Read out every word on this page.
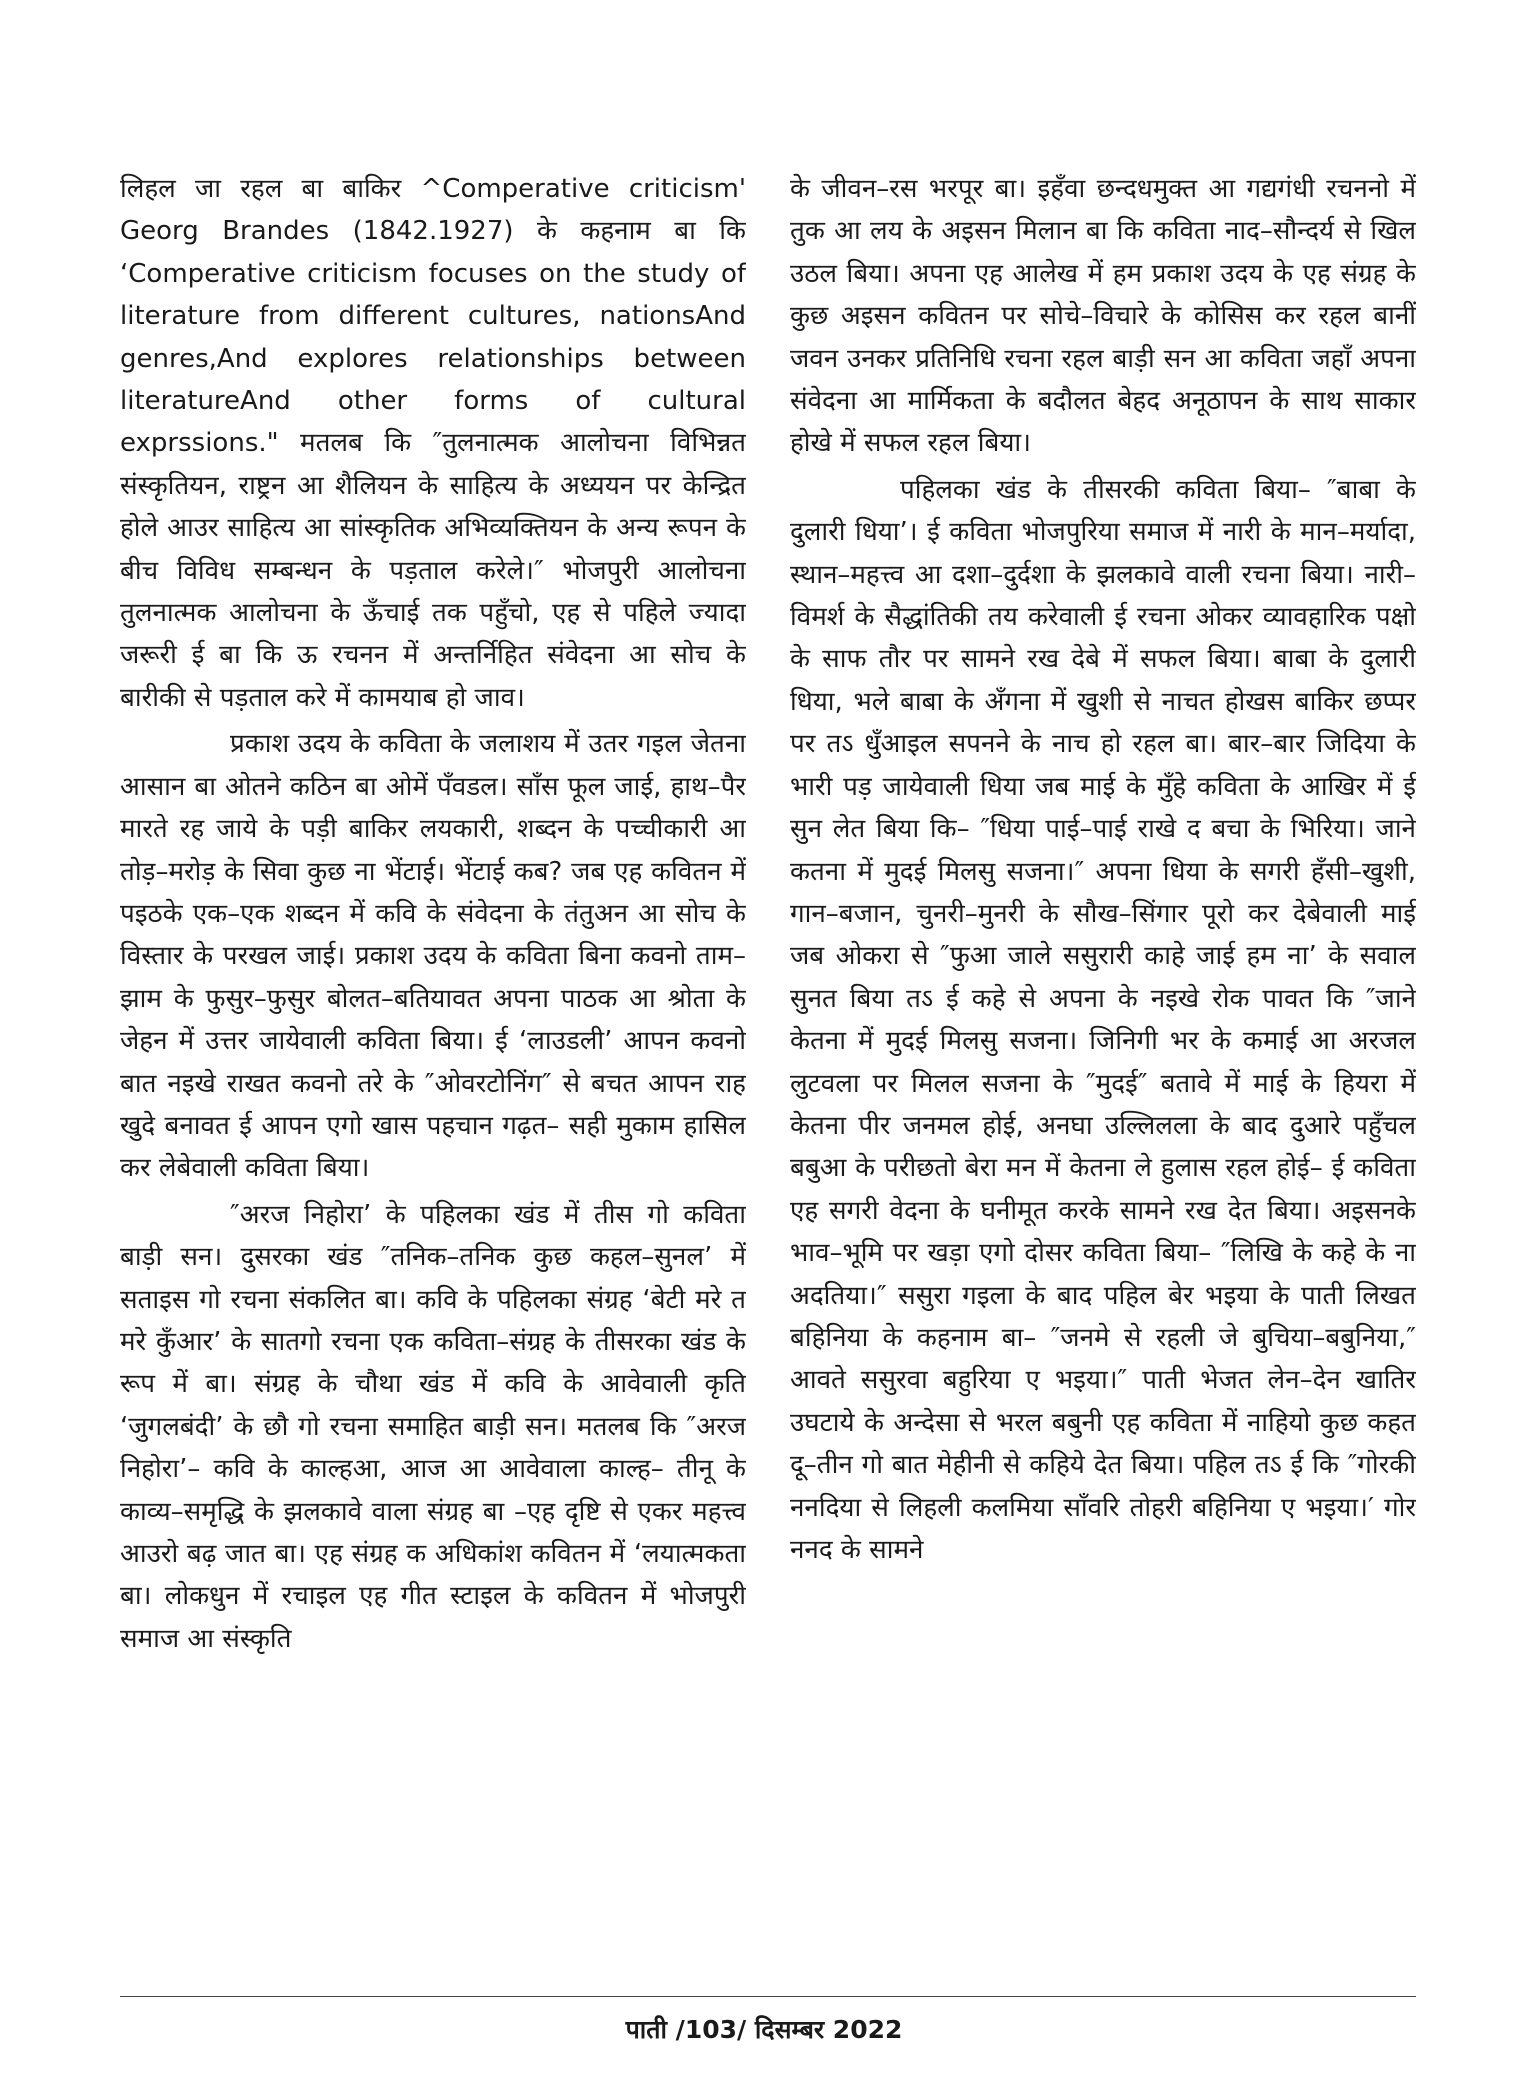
लिहल जा रहल बा बाकिर ^Comperative criticism' Georg Brandes (1842.1927) के कहनाम बा कि ‘Comperative criticism focuses on the study of literature from different cultures, nationsAnd genres,And explores relationships between literatureAnd other forms of cultural exprssions." मतलब कि ″तुलनात्मक आलोचना विभिन्नत संस्कृतियन, राष्ट्रन आ शैलियन के साहित्य के अध्ययन पर केन्द्रित होले आउर साहित्य आ सांस्कृतिक अभिव्यक्तियन के अन्य रूपन के बीच विविध सम्बन्धन के पड़ताल करेले।″ भोजपुरी आलोचना तुलनात्मक आलोचना के ऊँचाई तक पहुँचो, एह से पहिले ज्यादा जरूरी ई बा कि ऊ रचनन में अन्तर्निहित संवेदना आ सोच के बारीकी से पड़ताल करे में कामयाब हो जाव।

प्रकाश उदय के कविता के जलाशय में उतर गइल जेतना आसान बा ओतने कठिन बा ओमें पँवडल। साँस फूल जाई, हाथ–पैर मारते रह जाये के पड़ी बाकिर लयकारी, शब्दन के पच्चीकारी आ तोड़–मरोड़ के सिवा कुछ ना भेंटाई। भेंटाई कब? जब एह कवितन में पइठके एक–एक शब्दन में कवि के संवेदना के तंतुअन आ सोच के विस्तार के परखल जाई। प्रकाश उदय के कविता बिना कवनो ताम–झाम के फुसुर–फुसुर बोलत–बतियावत अपना पाठक आ श्रोता के जेहन में उत्तर जायेवाली कविता बिया। ई ‘लाउडली’ आपन कवनो बात नइखे राखत कवनो तरे के ″ओवरटोनिंग″ से बचत आपन राह खुदे बनावत ई आपन एगो खास पहचान गढ़त– सही मुकाम हासिल कर लेबेवाली कविता बिया।

″अरज निहोरा’ के पहिलका खंड में तीस गो कविता बाड़ी सन। दुसरका खंड ″तनिक–तनिक कुछ कहल–सुनल’ में सताइस गो रचना संकलित बा। कवि के पहिलका संग्रह ‘बेटी मरे त मरे कुँआर’ के सातगो रचना एक कविता–संग्रह के तीसरका खंड के रूप में बा। संग्रह के चौथा खंड में कवि के आवेवाली कृति ‘जुगलबंदी’ के छौ गो रचना समाहित बाड़ी सन। मतलब कि ″अरज निहोरा’– कवि के काल्हआ, आज आ आवेवाला काल्ह– तीनू के काव्य–समृद्धि के झलकावे वाला संग्रह बा –एह दृष्टि से एकर महत्त्व आउरो बढ़ जात बा। एह संग्रह क अधिकांश कवितन में ‘लयात्मकता बा। लोकधुन में रचाइल एह गीत स्टाइल के कवितन में भोजपुरी समाज आ संस्कृति

के जीवन–रस भरपूर बा। इहँवा छन्दधमुक्त आ गद्यगंधी रचननो में तुक आ लय के अइसन मिलान बा कि कविता नाद–सौन्दर्य से खिल उठल बिया। अपना एह आलेख में हम प्रकाश उदय के एह संग्रह के कुछ अइसन कवितन पर सोचे–विचारे के कोसिस कर रहल बानीं जवन उनकर प्रतिनिधि रचना रहल बाड़ी सन आ कविता जहाँ अपना संवेदना आ मार्मिकता के बदौलत बेहद अनूठापन के साथ साकार होखे में सफल रहल बिया।

पहिलका खंड के तीसरकी कविता बिया– ″बाबा के दुलारी धिया’। ई कविता भोजपुरिया समाज में नारी के मान–मर्यादा, स्थान–महत्त्व आ दशा–दुर्दशा के झलकावे वाली रचना बिया। नारी–विमर्श के सैद्धांतिकी तय करेवाली ई रचना ओकर व्यावहारिक पक्षो के साफ तौर पर सामने रख देबे में सफल बिया। बाबा के दुलारी धिया, भले बाबा के अँगना में खुशी से नाचत होखस बाकिर छप्पर पर तऽ धुँआइल सपनने के नाच हो रहल बा। बार–बार जिदिया के भारी पड़ जायेवाली धिया जब माई के मुँहे कविता के आखिर में ई सुन लेत बिया कि– ″धिया पाई–पाई राखे द बचा के भिरिया। जाने कतना में मुदई मिलसु सजना।″ अपना धिया के सगरी हँसी–खुशी, गान–बजान, चुनरी–मुनरी के सौख–सिंगार पूरो कर देबेवाली माई जब ओकरा से ″फुआ जाले ससुरारी काहे जाई हम ना’ के सवाल सुनत बिया तऽ ई कहे से अपना के नइखे रोक पावत कि ″जाने केतना में मुदई मिलसु सजना। जिनिगी भर के कमाई आ अरजल लुटवला पर मिलल सजना के ″मुदई″ बतावे में माई के हियरा में केतना पीर जनमल होई, अनघा उल्लिलला के बाद दुआरे पहुँचल बबुआ के परीछतो बेरा मन में केतना ले हुलास रहल होई– ई कविता एह सगरी वेदना के घनीमूत करके सामने रख देत बिया। अइसनके भाव–भूमि पर खड़ा एगो दोसर कविता बिया– ″लिखि के कहे के ना अदतिया।″ ससुरा गइला के बाद पहिल बेर भइया के पाती लिखत बहिनिया के कहनाम बा– ″जनमे से रहली जे बुचिया–बबुनिया,″ आवते ससुरवा बहुरिया ए भइया।″ पाती भेजत लेन–देन खातिर उघटाये के अन्देसा से भरल बबुनी एह कविता में नाहियो कुछ कहत दू–तीन गो बात मेहीनी से कहिये देत बिया। पहिल तऽ ई कि ″गोरकी ननदिया से लिहली कलमिया साँवरि तोहरी बहिनिया ए भइया।′ गोर ननद के सामने

पाती /103/ दिसम्बर 2022
